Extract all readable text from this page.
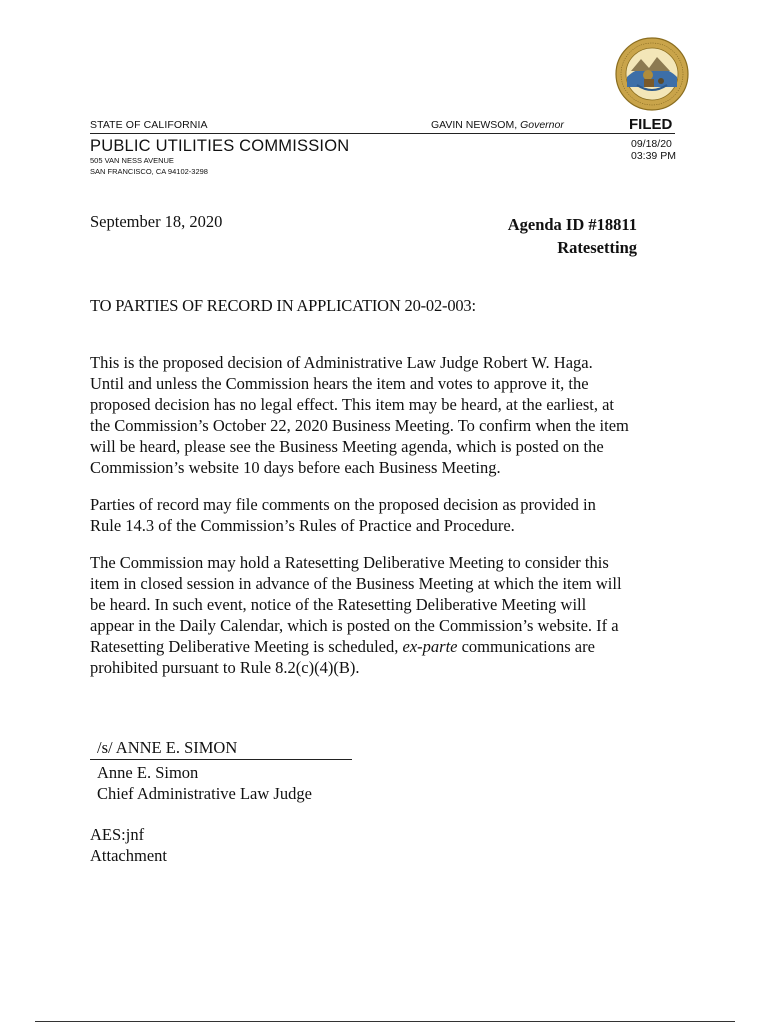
STATE OF CALIFORNIA	GAVIN NEWSOM, Governor	FILED
09/18/20
03:39 PM
PUBLIC UTILITIES COMMISSION
505 VAN NESS AVENUE
SAN FRANCISCO, CA 94102-3298
September 18, 2020	Agenda ID #18811
Ratesetting
TO PARTIES OF RECORD IN APPLICATION 20-02-003:
This is the proposed decision of Administrative Law Judge Robert W. Haga.
Until and unless the Commission hears the item and votes to approve it, the
proposed decision has no legal effect. This item may be heard, at the earliest, at
the Commission’s October 22, 2020 Business Meeting. To confirm when the item
will be heard, please see the Business Meeting agenda, which is posted on the
Commission’s website 10 days before each Business Meeting.
Parties of record may file comments on the proposed decision as provided in
Rule 14.3 of the Commission’s Rules of Practice and Procedure.
The Commission may hold a Ratesetting Deliberative Meeting to consider this
item in closed session in advance of the Business Meeting at which the item will
be heard. In such event, notice of the Ratesetting Deliberative Meeting will
appear in the Daily Calendar, which is posted on the Commission’s website. If a
Ratesetting Deliberative Meeting is scheduled, ex-parte communications are
prohibited pursuant to Rule 8.2(c)(4)(B).
/s/ ANNE E. SIMON
Anne E. Simon
Chief Administrative Law Judge
AES:jnf
Attachment
